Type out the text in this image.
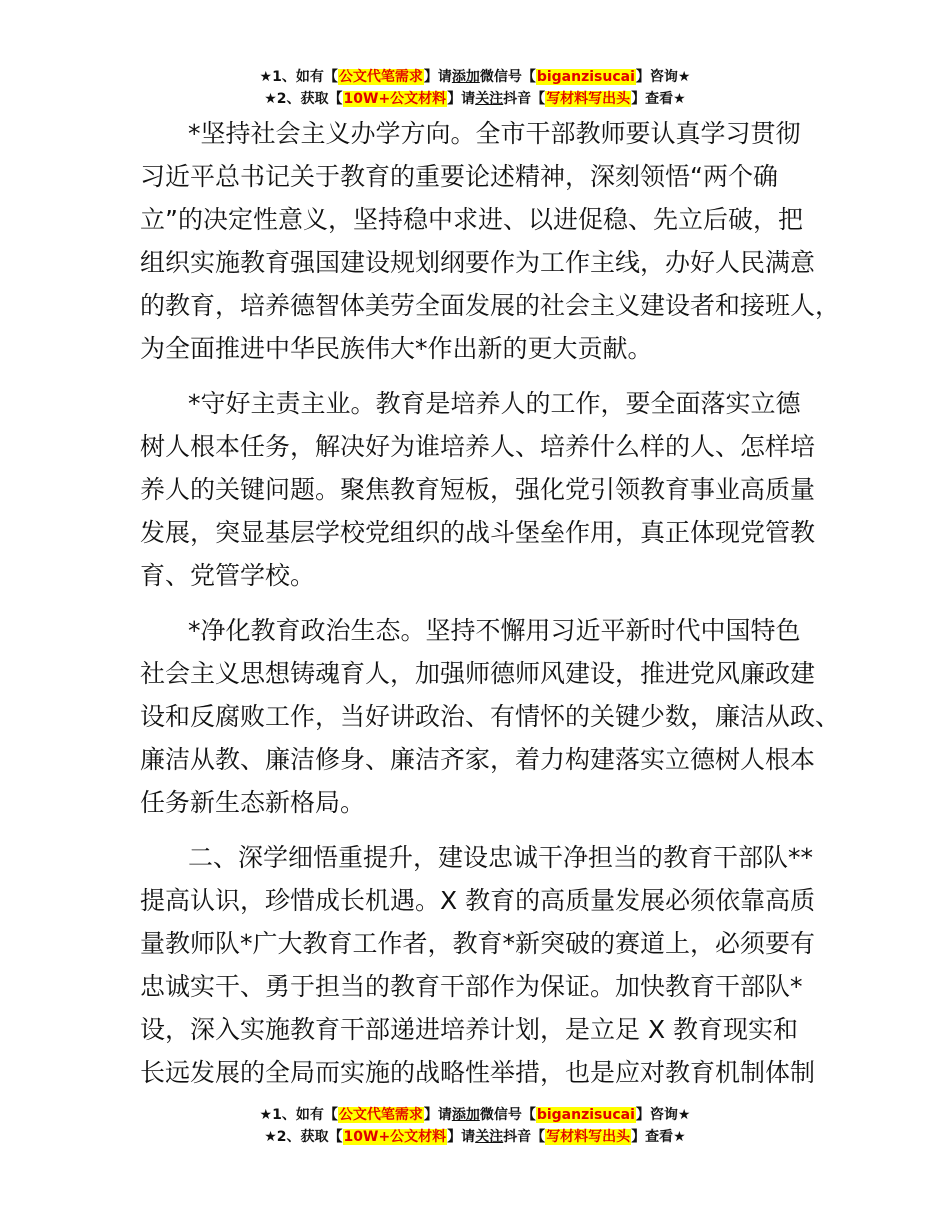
★1、如有【公文代笔需求】请添加微信号【biganzisucai】咨询★
★2、获取【10W+公文材料】请关注抖音【写材料写出头】查看★
*坚持社会主义办学方向。全市干部教师要认真学习贯彻
习近平总书记关于教育的重要论述精神，深刻领悟“两个确
立”的决定性意义，坚持稳中求进、以进促稳、先立后破，把
组织实施教育强国建设规划纲要作为工作主线，办好人民满意
的教育，培养德智体美劳全面发展的社会主义建设者和接班人，
为全面推进中华民族伟大*作出新的更大贡献。
*守好主责主业。教育是培养人的工作，要全面落实立德
树人根本任务，解决好为谁培养人、培养什么样的人、怎样培
养人的关键问题。聚焦教育短板，强化党引领教育事业高质量
发展，突显基层学校党组织的战斗堡垒作用，真正体现党管教
育、党管学校。
*净化教育政治生态。坚持不懈用习近平新时代中国特色
社会主义思想铸魂育人，加强师德师风建设，推进党风廉政建
设和反腐败工作，当好讲政治、有情怀的关键少数，廉洁从政、
廉洁从教、廉洁修身、廉洁齐家，着力构建落实立德树人根本
任务新生态新格局。
二、深学细悟重提升，建设忠诚干净担当的教育干部队**
提高认识，珍惜成长机遇。X 教育的高质量发展必须依靠高质
量教师队*广大教育工作者，教育*新突破的赛道上，必须要有
忠诚实干、勇于担当的教育干部作为保证。加快教育干部队*
设，深入实施教育干部递进培养计划，是立足 X 教育现实和
长远发展的全局而实施的战略性举措，也是应对教育机制体制
★1、如有【公文代笔需求】请添加微信号【biganzisucai】咨询★
★2、获取【10W+公文材料】请关注抖音【写材料写出头】查看★
